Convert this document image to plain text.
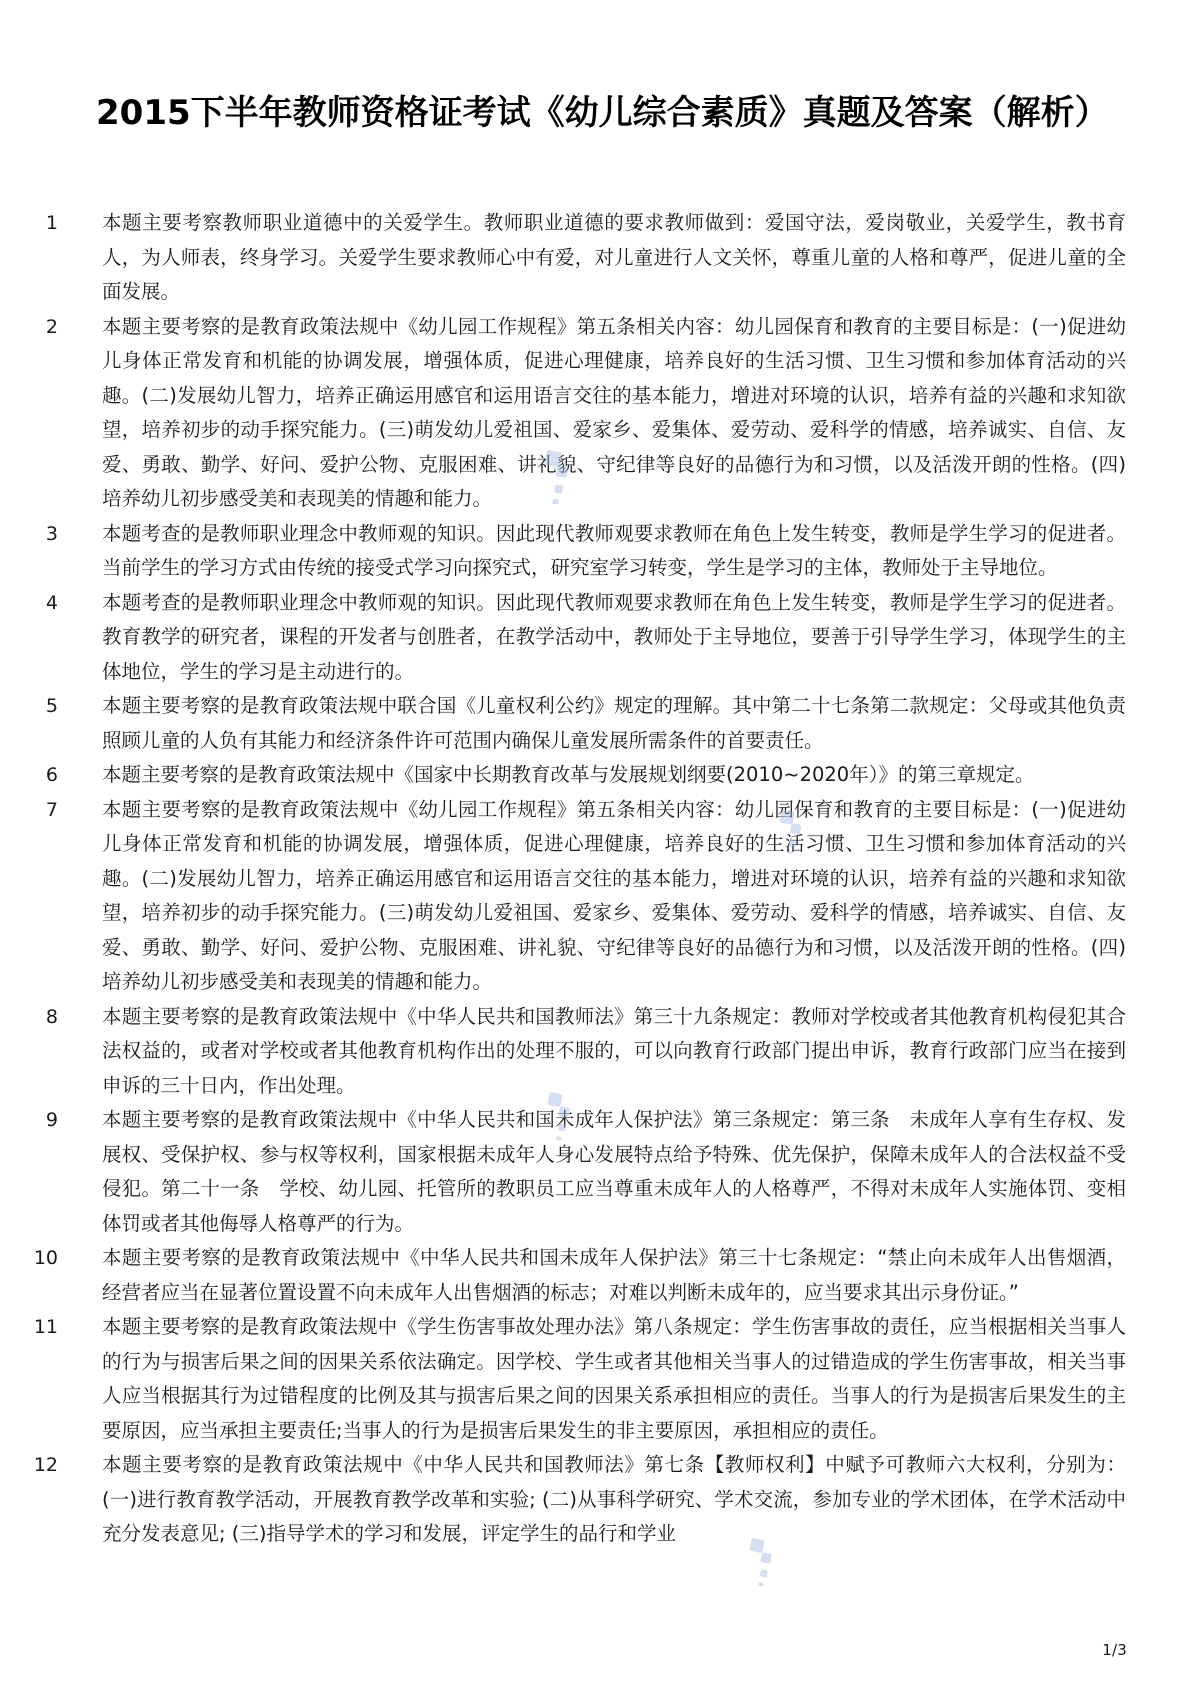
2015下半年教师资格证考试《幼儿综合素质》真题及答案（解析）
1 本题主要考察教师职业道德中的关爱学生。教师职业道德的要求教师做到：爱国守法，爱岗敬业，关爱学生，教书育人，为人师表，终身学习。关爱学生要求教师心中有爱，对儿童进行人文关怀，尊重儿童的人格和尊严，促进儿童的全面发展。
2 本题主要考察的是教育政策法规中《幼儿园工作规程》第五条相关内容：幼儿园保育和教育的主要目标是：(一)促进幼儿身体正常发育和机能的协调发展，增强体质，促进心理健康，培养良好的生活习惯、卫生习惯和参加体育活动的兴趣。(二)发展幼儿智力，培养正确运用感官和运用语言交往的基本能力，增进对环境的认识，培养有益的兴趣和求知欲望，培养初步的动手探究能力。(三)萌发幼儿爱祖国、爱家乡、爱集体、爱劳动、爱科学的情感，培养诚实、自信、友爱、勇敢、勤学、好问、爱护公物、克服困难、讲礼貌、守纪律等良好的品德行为和习惯，以及活泼开朗的性格。(四)培养幼儿初步感受美和表现美的情趣和能力。
3 本题考查的是教师职业理念中教师观的知识。因此现代教师观要求教师在角色上发生转变，教师是学生学习的促进者。当前学生的学习方式由传统的接受式学习向探究式，研究室学习转变，学生是学习的主体，教师处于主导地位。
4 本题考查的是教师职业理念中教师观的知识。因此现代教师观要求教师在角色上发生转变，教师是学生学习的促进者。教育教学的研究者，课程的开发者与创胜者，在教学活动中，教师处于主导地位，要善于引导学生学习，体现学生的主体地位，学生的学习是主动进行的。
5 本题主要考察的是教育政策法规中联合国《儿童权利公约》规定的理解。其中第二十七条第二款规定：父母或其他负责照顾儿童的人负有其能力和经济条件许可范围内确保儿童发展所需条件的首要责任。
6 本题主要考察的是教育政策法规中《国家中长期教育改革与发展规划纲要(2010~2020年）》的第三章规定。
7 本题主要考察的是教育政策法规中《幼儿园工作规程》第五条相关内容：幼儿园保育和教育的主要目标是：(一)促进幼儿身体正常发育和机能的协调发展，增强体质，促进心理健康，培养良好的生活习惯、卫生习惯和参加体育活动的兴趣。(二)发展幼儿智力，培养正确运用感官和运用语言交往的基本能力，增进对环境的认识，培养有益的兴趣和求知欲望，培养初步的动手探究能力。(三)萌发幼儿爱祖国、爱家乡、爱集体、爱劳动、爱科学的情感，培养诚实、自信、友爱、勇敢、勤学、好问、爱护公物、克服困难、讲礼貌、守纪律等良好的品德行为和习惯，以及活泼开朗的性格。(四)培养幼儿初步感受美和表现美的情趣和能力。
8 本题主要考察的是教育政策法规中《中华人民共和国教师法》第三十九条规定：教师对学校或者其他教育机构侵犯其合法权益的，或者对学校或者其他教育机构作出的处理不服的，可以向教育行政部门提出申诉，教育行政部门应当在接到申诉的三十日内，作出处理。
9 本题主要考察的是教育政策法规中《中华人民共和国未成年人保护法》第三条规定：第三条　未成年人享有生存权、发展权、受保护权、参与权等权利，国家根据未成年人身心发展特点给予特殊、优先保护，保障未成年人的合法权益不受侵犯。第二十一条　学校、幼儿园、托管所的教职员工应当尊重未成年人的人格尊严，不得对未成年人实施体罚、变相体罚或者其他侮辱人格尊严的行为。
10 本题主要考察的是教育政策法规中《中华人民共和国未成年人保护法》第三十七条规定：“禁止向未成年人出售烟酒，经营者应当在显著位置设置不向未成年人出售烟酒的标志；对难以判断未成年的，应当要求其出示身份证。”
11 本题主要考察的是教育政策法规中《学生伤害事故处理办法》第八条规定：学生伤害事故的责任，应当根据相关当事人的行为与损害后果之间的因果关系依法确定。因学校、学生或者其他相关当事人的过错造成的学生伤害事故，相关当事人应当根据其行为过错程度的比例及其与损害后果之间的因果关系承担相应的责任。当事人的行为是损害后果发生的主要原因，应当承担主要责任;当事人的行为是损害后果发生的非主要原因，承担相应的责任。
12 本题主要考察的是教育政策法规中《中华人民共和国教师法》第七条【教师权利】中赋予可教师六大权利，分别为：(一)进行教育教学活动，开展教育教学改革和实验; (二)从事科学研究、学术交流，参加专业的学术团体，在学术活动中充分发表意见; (三)指导学术的学习和发展，评定学生的品行和学业
1/3
